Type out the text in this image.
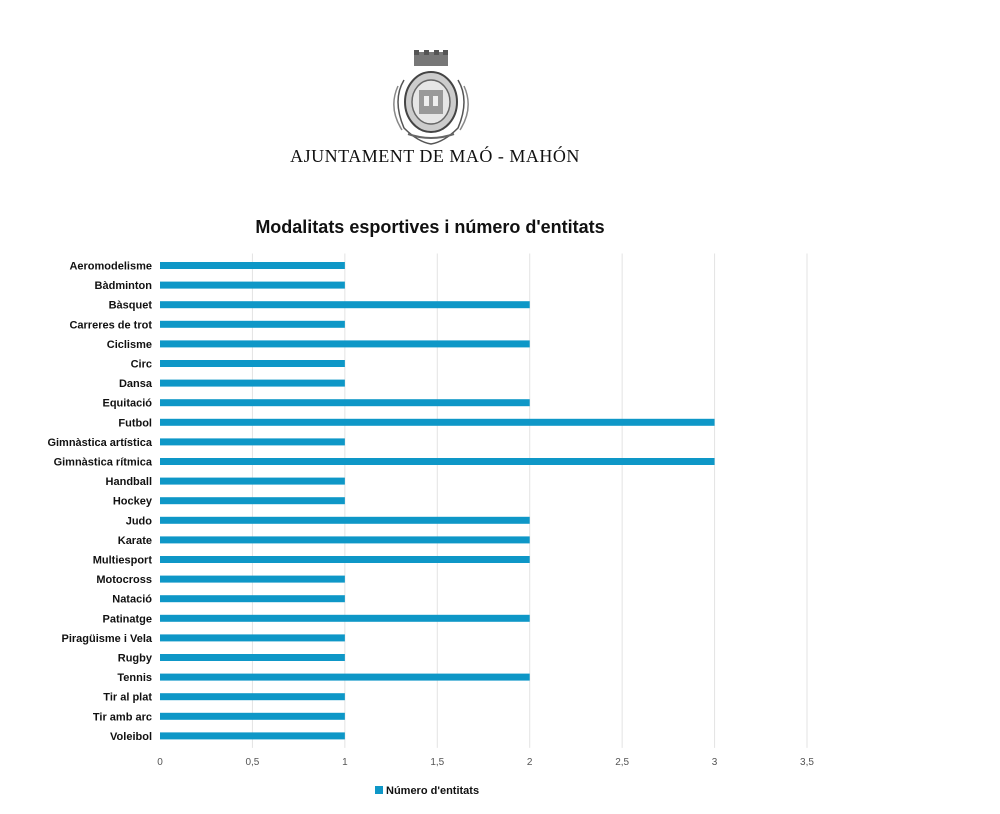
AJUNTAMENT DE MAÓ - MAHÓN
Modalitats esportives i número d'entitats
Aeromodelisme
Bàdminton
Bàsquet
Carreres de trot
Ciclisme
Circ
Dansa
Equitació
Futbol
Gimnàstica artística
Gimnàstica rítmica
Handball
Hockey
Judo
Karate
Multiesport
Motocross
Natació
Patinatge
Piragüisme i Vela
Rugby
Tennis
Tir al plat
Tir amb arc
Voleibol
0	0,5	1	1,5	2	2,5	3	3,5
Número d'entitats
